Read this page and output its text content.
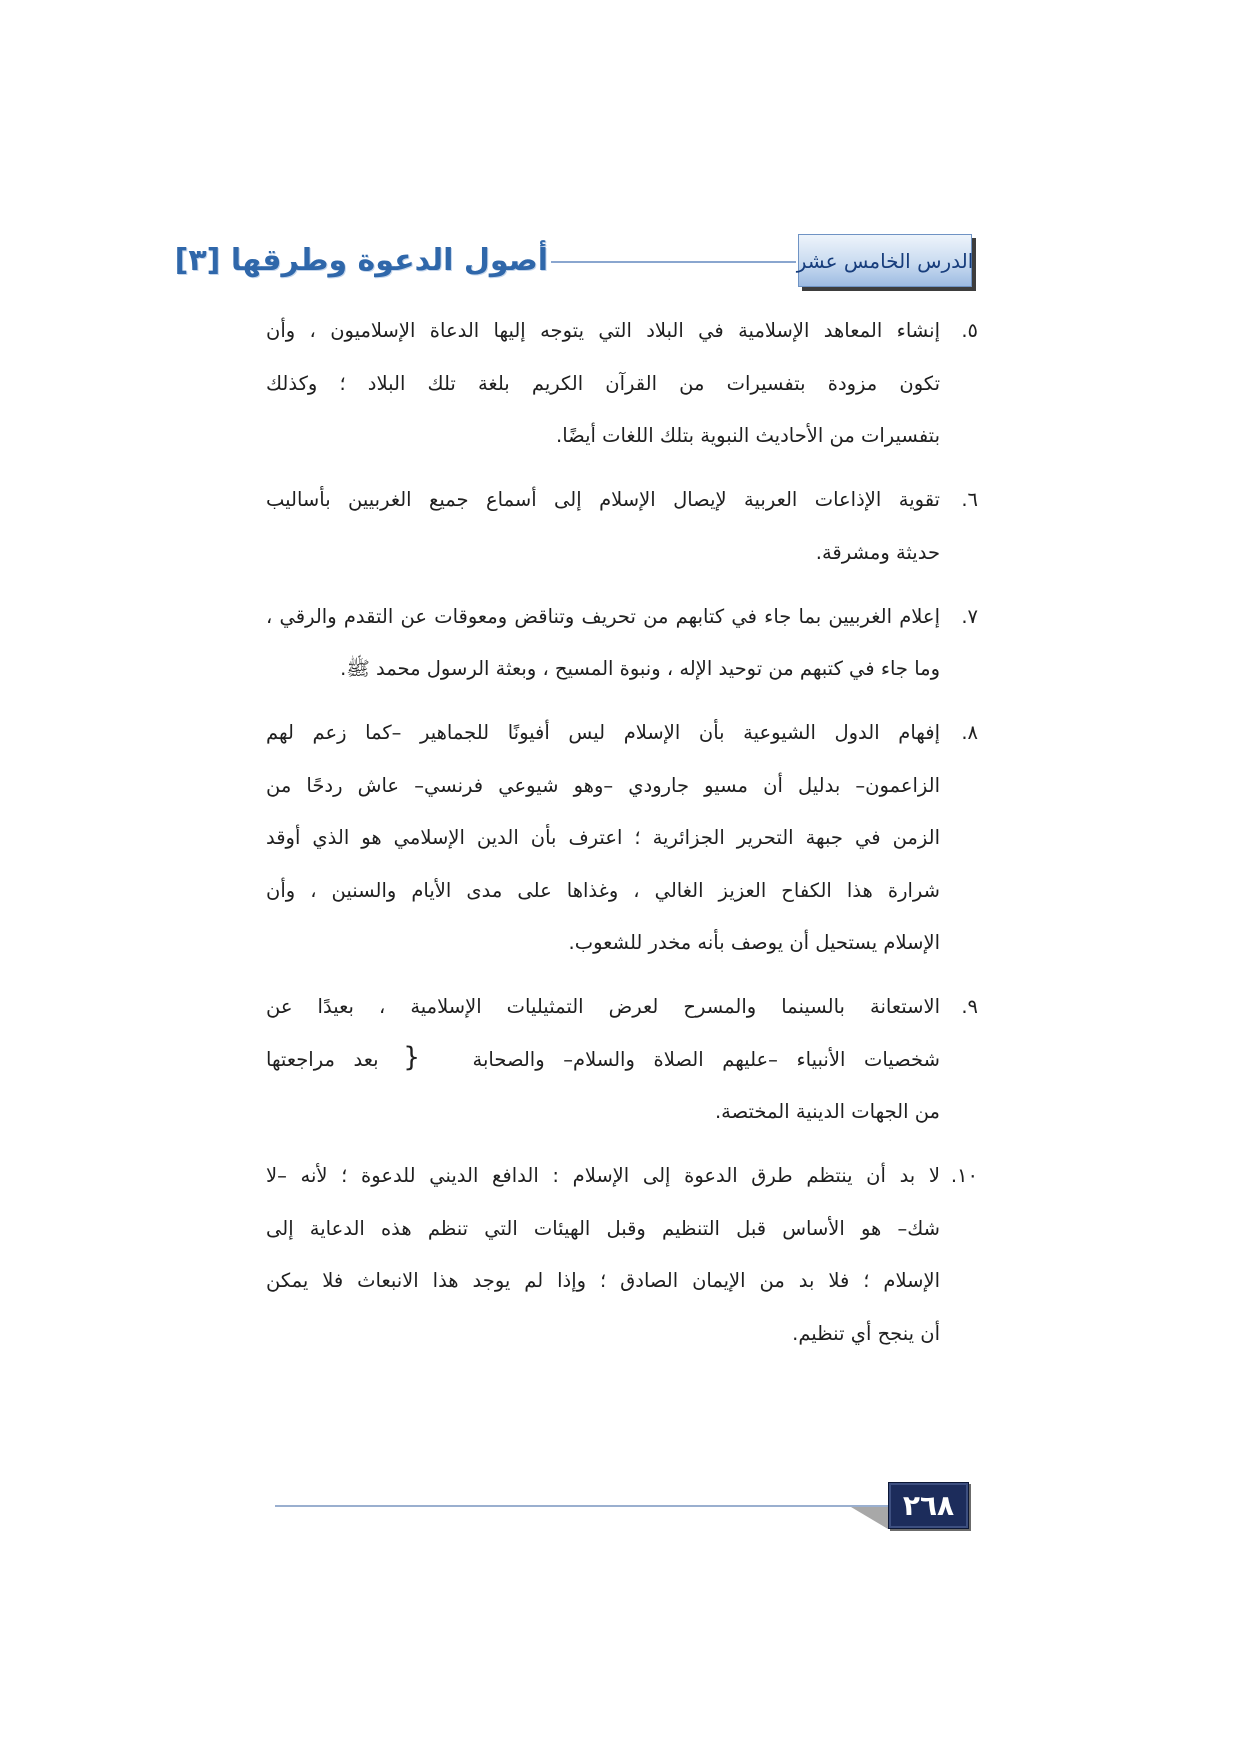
الدرس الخامس عشر
أصول الدعوة وطرقها [٣]
٥.
إنشاء المعاهد الإسلامية في البلاد التي يتوجه إليها الدعاة الإسلاميون ، وأن
تكون مزودة بتفسيرات من القرآن الكريم بلغة تلك البلاد ؛ وكذلك
بتفسيرات من الأحاديث النبوية بتلك اللغات أيضًا.
٦.
تقوية الإذاعات العربية لإيصال الإسلام إلى أسماع جميع الغربيين بأساليب
حديثة ومشرقة.
٧.
إعلام الغربيين بما جاء في كتابهم من تحريف وتناقض ومعوقات عن التقدم والرقي ،
وما جاء في كتبهم من توحيد الإله ، ونبوة المسيح ، وبعثة الرسول محمد ﷺ.
٨.
إفهام الدول الشيوعية بأن الإسلام ليس أفيونًا للجماهير –كما زعم لهم
الزاعمون– بدليل أن مسيو جارودي –وهو شيوعي فرنسي– عاش ردحًا من
الزمن في جبهة التحرير الجزائرية ؛ اعترف بأن الدين الإسلامي هو الذي أوقد
شرارة هذا الكفاح العزيز الغالي ، وغذاها على مدى الأيام والسنين ، وأن
الإسلام يستحيل أن يوصف بأنه مخدر للشعوب.
٩.
الاستعانة بالسينما والمسرح لعرض التمثيليات الإسلامية ، بعيدًا عن
شخصيات الأنبياء –عليهم الصلاة والسلام– والصحابة } بعد مراجعتها
من الجهات الدينية المختصة.
١٠.
لا بد أن ينتظم طرق الدعوة إلى الإسلام : الدافع الديني للدعوة ؛ لأنه –لا
شك– هو الأساس قبل التنظيم وقبل الهيئات التي تنظم هذه الدعاية إلى
الإسلام ؛ فلا بد من الإيمان الصادق ؛ وإذا لم يوجد هذا الانبعاث فلا يمكن
أن ينجح أي تنظيم.
٢٦٨
